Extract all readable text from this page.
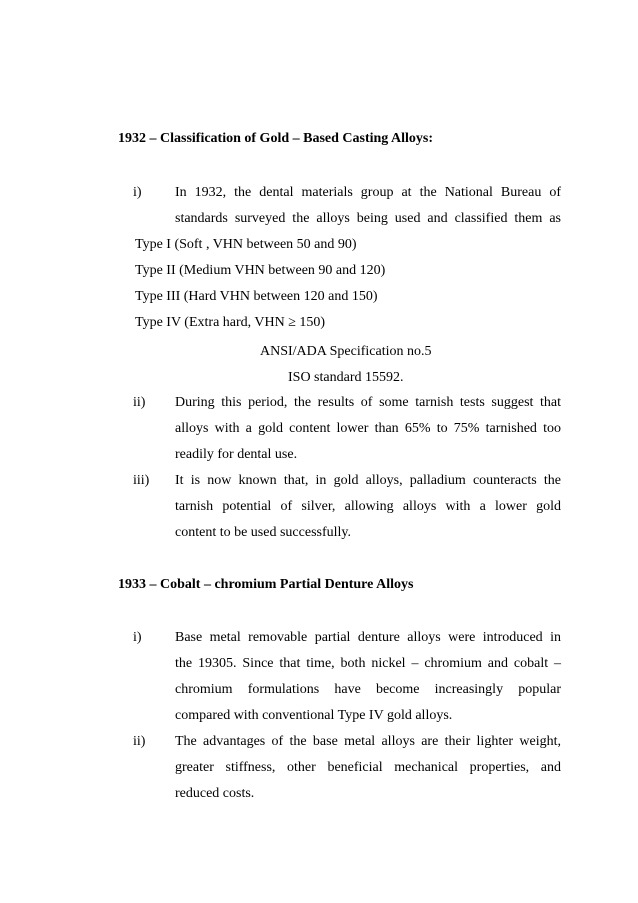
1932 – Classification of Gold – Based Casting Alloys:
i)	In 1932, the dental materials group at the National Bureau of
standards surveyed the alloys being used and classified them as
Type I (Soft , VHN between 50 and 90)
Type II (Medium VHN between 90 and 120)
Type III (Hard VHN between 120 and 150)
Type IV (Extra hard, VHN ≥ 150)
ANSI/ADA Specification no.5
ISO standard 15592.
ii)	During this period, the results of some tarnish tests suggest that
alloys with a gold content lower than 65% to 75% tarnished too
readily for dental use.
iii)	It is now known that, in gold alloys, palladium counteracts the
tarnish potential of silver, allowing alloys with a lower gold
content to be used successfully.
1933 – Cobalt – chromium Partial Denture Alloys
i)	Base metal removable partial denture alloys were introduced in
the 19305. Since that time, both nickel – chromium and cobalt –
chromium formulations have become increasingly popular
compared with conventional Type IV gold alloys.
ii)	The advantages of the base metal alloys are their lighter weight,
greater stiffness, other beneficial mechanical properties, and
reduced costs.
